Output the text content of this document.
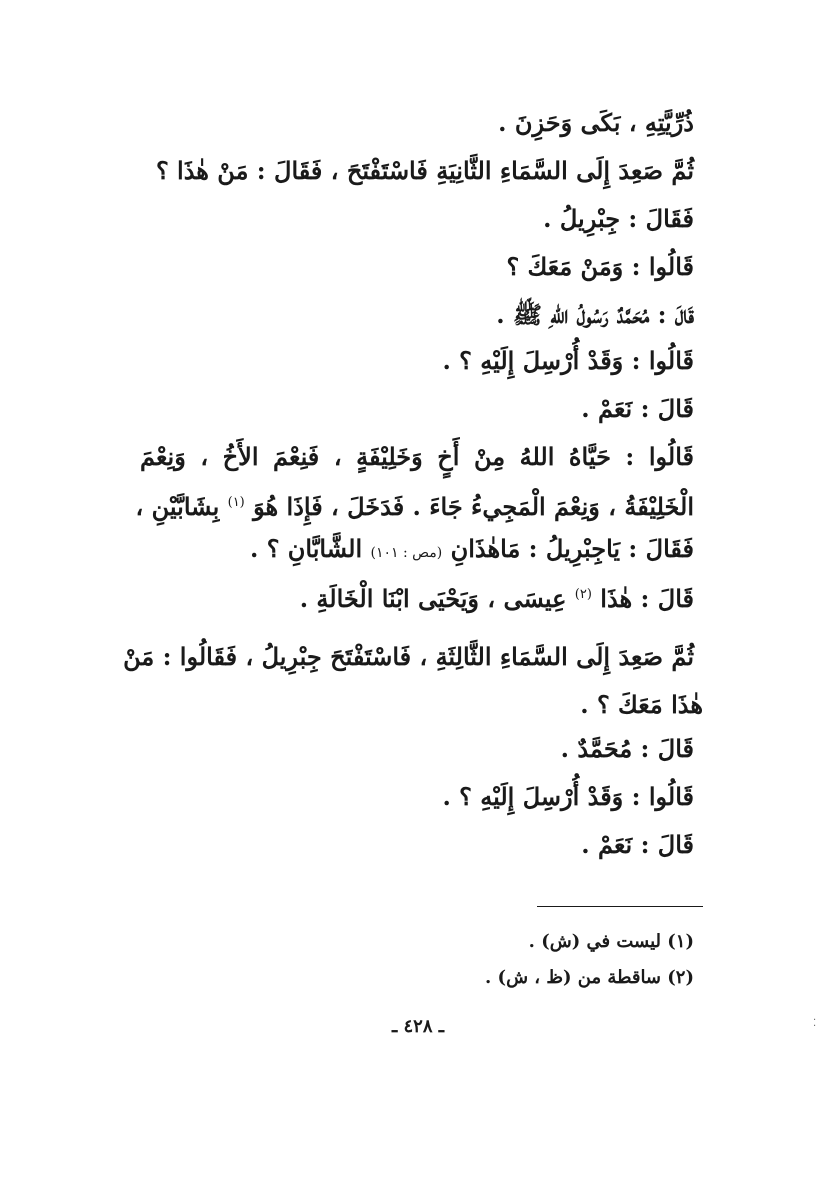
ذُرِّيَّتِهِ ، بَكَى وَحَزِنَ .
ثُمَّ صَعِدَ إِلَى السَّمَاءِ الثَّانِيَةِ فَاسْتَفْتَحَ ، فَقَالَ : مَنْ هٰذَا ؟
فَقَالَ : جِبْرِيلُ .
قَالُوا : وَمَنْ مَعَكَ ؟
قَالَ : مُحَمَّدٌ رَسُولُ اللهِ ﷺ .
قَالُوا : وَقَدْ أُرْسِلَ إِلَيْهِ ؟ .
قَالَ : نَعَمْ .
قَالُوا : حَيَّاهُ اللهُ مِنْ أَخٍ وَخَلِيْفَةٍ ، فَنِعْمَ الأَخُ ، وَنِعْمَ
الْخَلِيْفَةُ ، وَنِعْمَ الْمَجِيءُ جَاءَ . فَدَخَلَ ، فَإِذَا هُوَ $^{(١)}$ بِشَابَّيْنِ ،
فَقَالَ : يَاجِبْرِيلُ : مَاهٰذَانِ (مص : ١٠١) الشَّابَّانِ ؟ .
قَالَ : هٰذَا $^{(٢)}$ عِيسَى ، وَيَحْيَى ابْنَا الْخَالَةِ .
ثُمَّ صَعِدَ إِلَى السَّمَاءِ الثَّالِثَةِ ، فَاسْتَفْتَحَ جِبْرِيلُ ، فَقَالُوا : مَنْ
هٰذَا مَعَكَ ؟ .
قَالَ : مُحَمَّدٌ .
قَالُوا : وَقَدْ أُرْسِلَ إِلَيْهِ ؟ .
قَالَ : نَعَمْ .
(١) ليست في (ش) .
(٢) ساقطة من (ظ ، ش) .
ـ ٤٢٨ ـ	⁚
